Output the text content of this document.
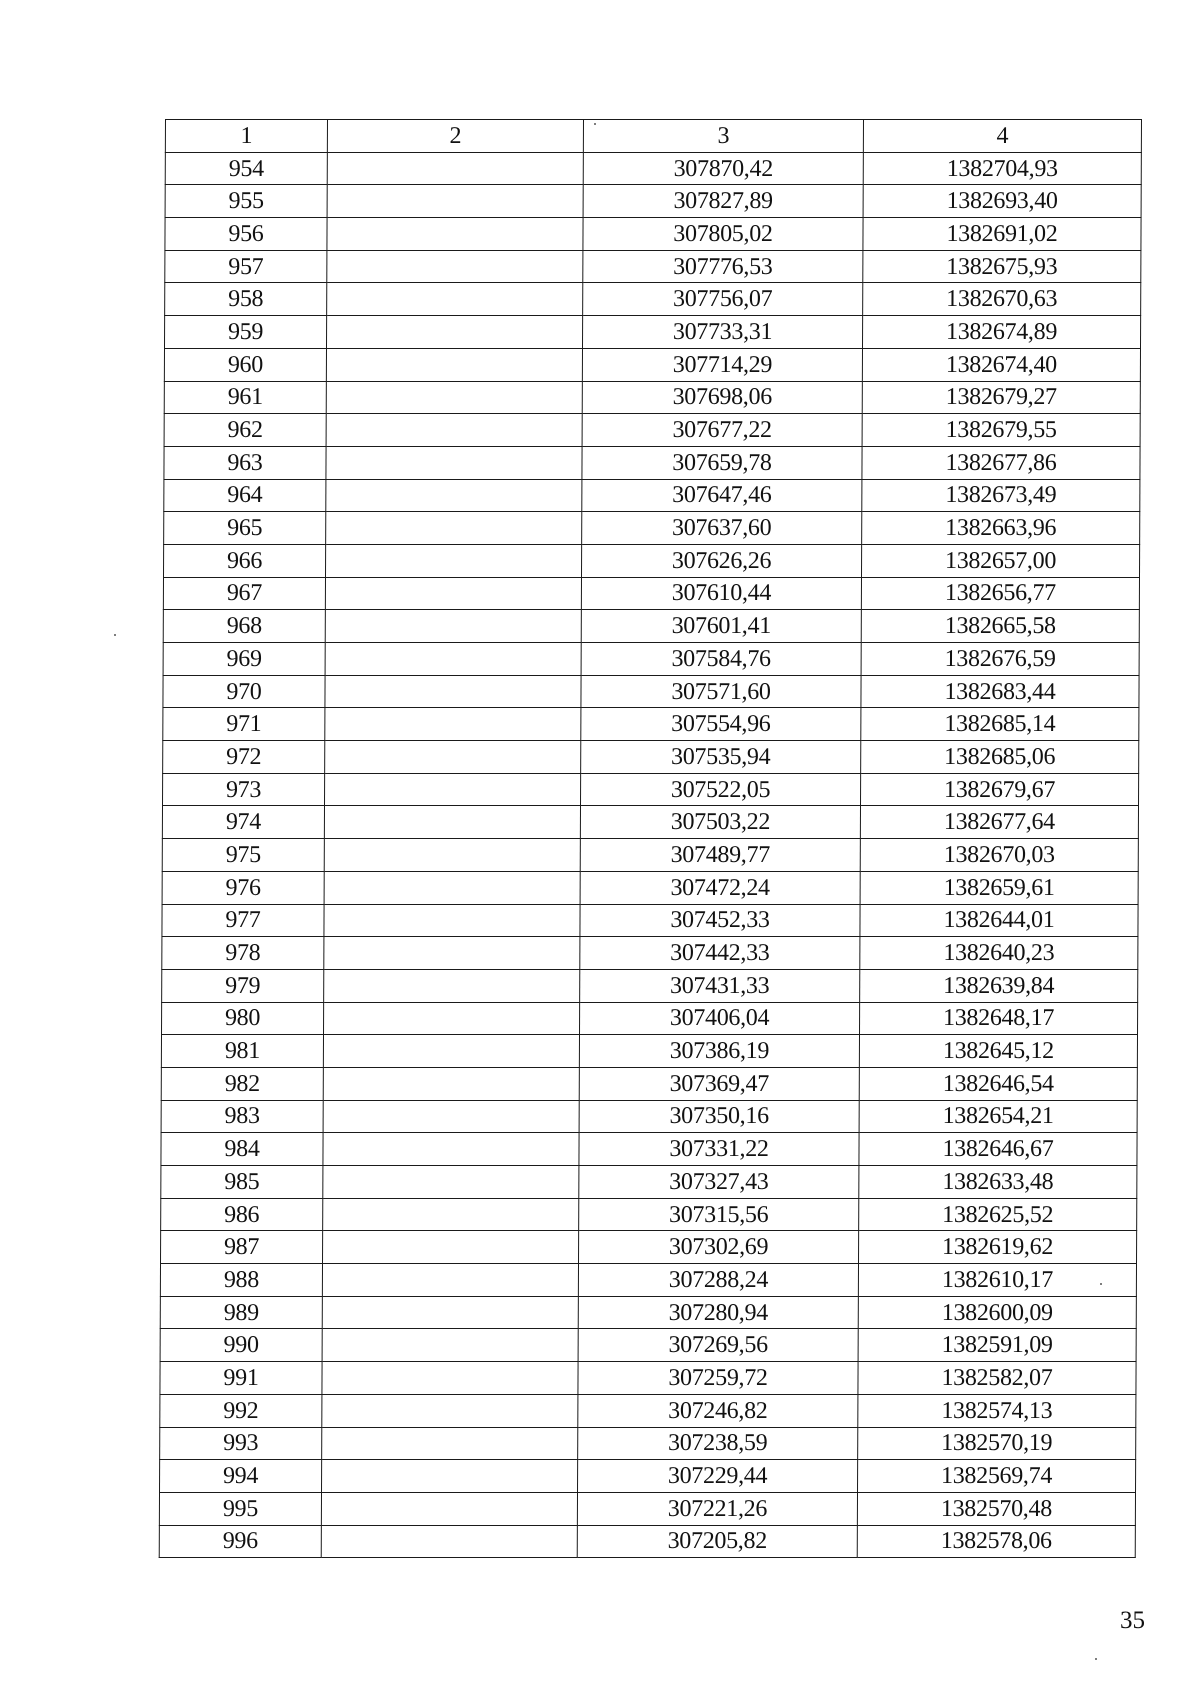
1	2	3	4
954		307870,42	1382704,93
955		307827,89	1382693,40
956		307805,02	1382691,02
957		307776,53	1382675,93
958		307756,07	1382670,63
959		307733,31	1382674,89
960		307714,29	1382674,40
961		307698,06	1382679,27
962		307677,22	1382679,55
963		307659,78	1382677,86
964		307647,46	1382673,49
965		307637,60	1382663,96
966		307626,26	1382657,00
967		307610,44	1382656,77
968		307601,41	1382665,58
969		307584,76	1382676,59
970		307571,60	1382683,44
971		307554,96	1382685,14
972		307535,94	1382685,06
973		307522,05	1382679,67
974		307503,22	1382677,64
975		307489,77	1382670,03
976		307472,24	1382659,61
977		307452,33	1382644,01
978		307442,33	1382640,23
979		307431,33	1382639,84
980		307406,04	1382648,17
981		307386,19	1382645,12
982		307369,47	1382646,54
983		307350,16	1382654,21
984		307331,22	1382646,67
985		307327,43	1382633,48
986		307315,56	1382625,52
987		307302,69	1382619,62
988		307288,24	1382610,17
989		307280,94	1382600,09
990		307269,56	1382591,09
991		307259,72	1382582,07
992		307246,82	1382574,13
993		307238,59	1382570,19
994		307229,44	1382569,74
995		307221,26	1382570,48
996		307205,82	1382578,06
35
